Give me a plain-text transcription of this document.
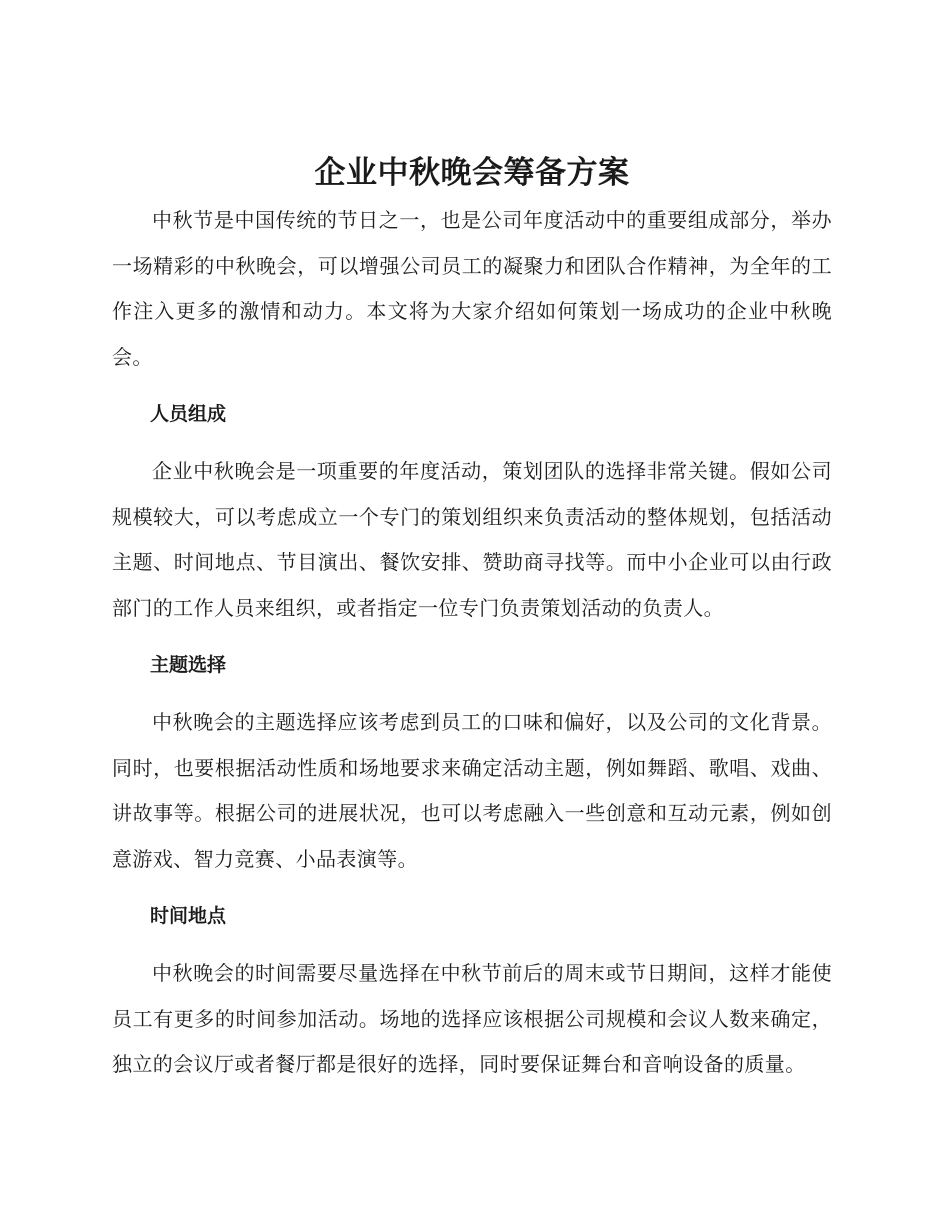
企业中秋晚会筹备方案

中秋节是中国传统的节日之一，也是公司年度活动中的重要组成部分，举办一场精彩的中秋晚会，可以增强公司员工的凝聚力和团队合作精神，为全年的工作注入更多的激情和动力。本文将为大家介绍如何策划一场成功的企业中秋晚会。

人员组成

企业中秋晚会是一项重要的年度活动，策划团队的选择非常关键。假如公司规模较大，可以考虑成立一个专门的策划组织来负责活动的整体规划，包括活动主题、时间地点、节目演出、餐饮安排、赞助商寻找等。而中小企业可以由行政部门的工作人员来组织，或者指定一位专门负责策划活动的负责人。

主题选择

中秋晚会的主题选择应该考虑到员工的口味和偏好，以及公司的文化背景。同时，也要根据活动性质和场地要求来确定活动主题，例如舞蹈、歌唱、戏曲、讲故事等。根据公司的进展状况，也可以考虑融入一些创意和互动元素，例如创意游戏、智力竞赛、小品表演等。

时间地点

中秋晚会的时间需要尽量选择在中秋节前后的周末或节日期间，这样才能使员工有更多的时间参加活动。场地的选择应该根据公司规模和会议人数来确定，独立的会议厅或者餐厅都是很好的选择，同时要保证舞台和音响设备的质量。
